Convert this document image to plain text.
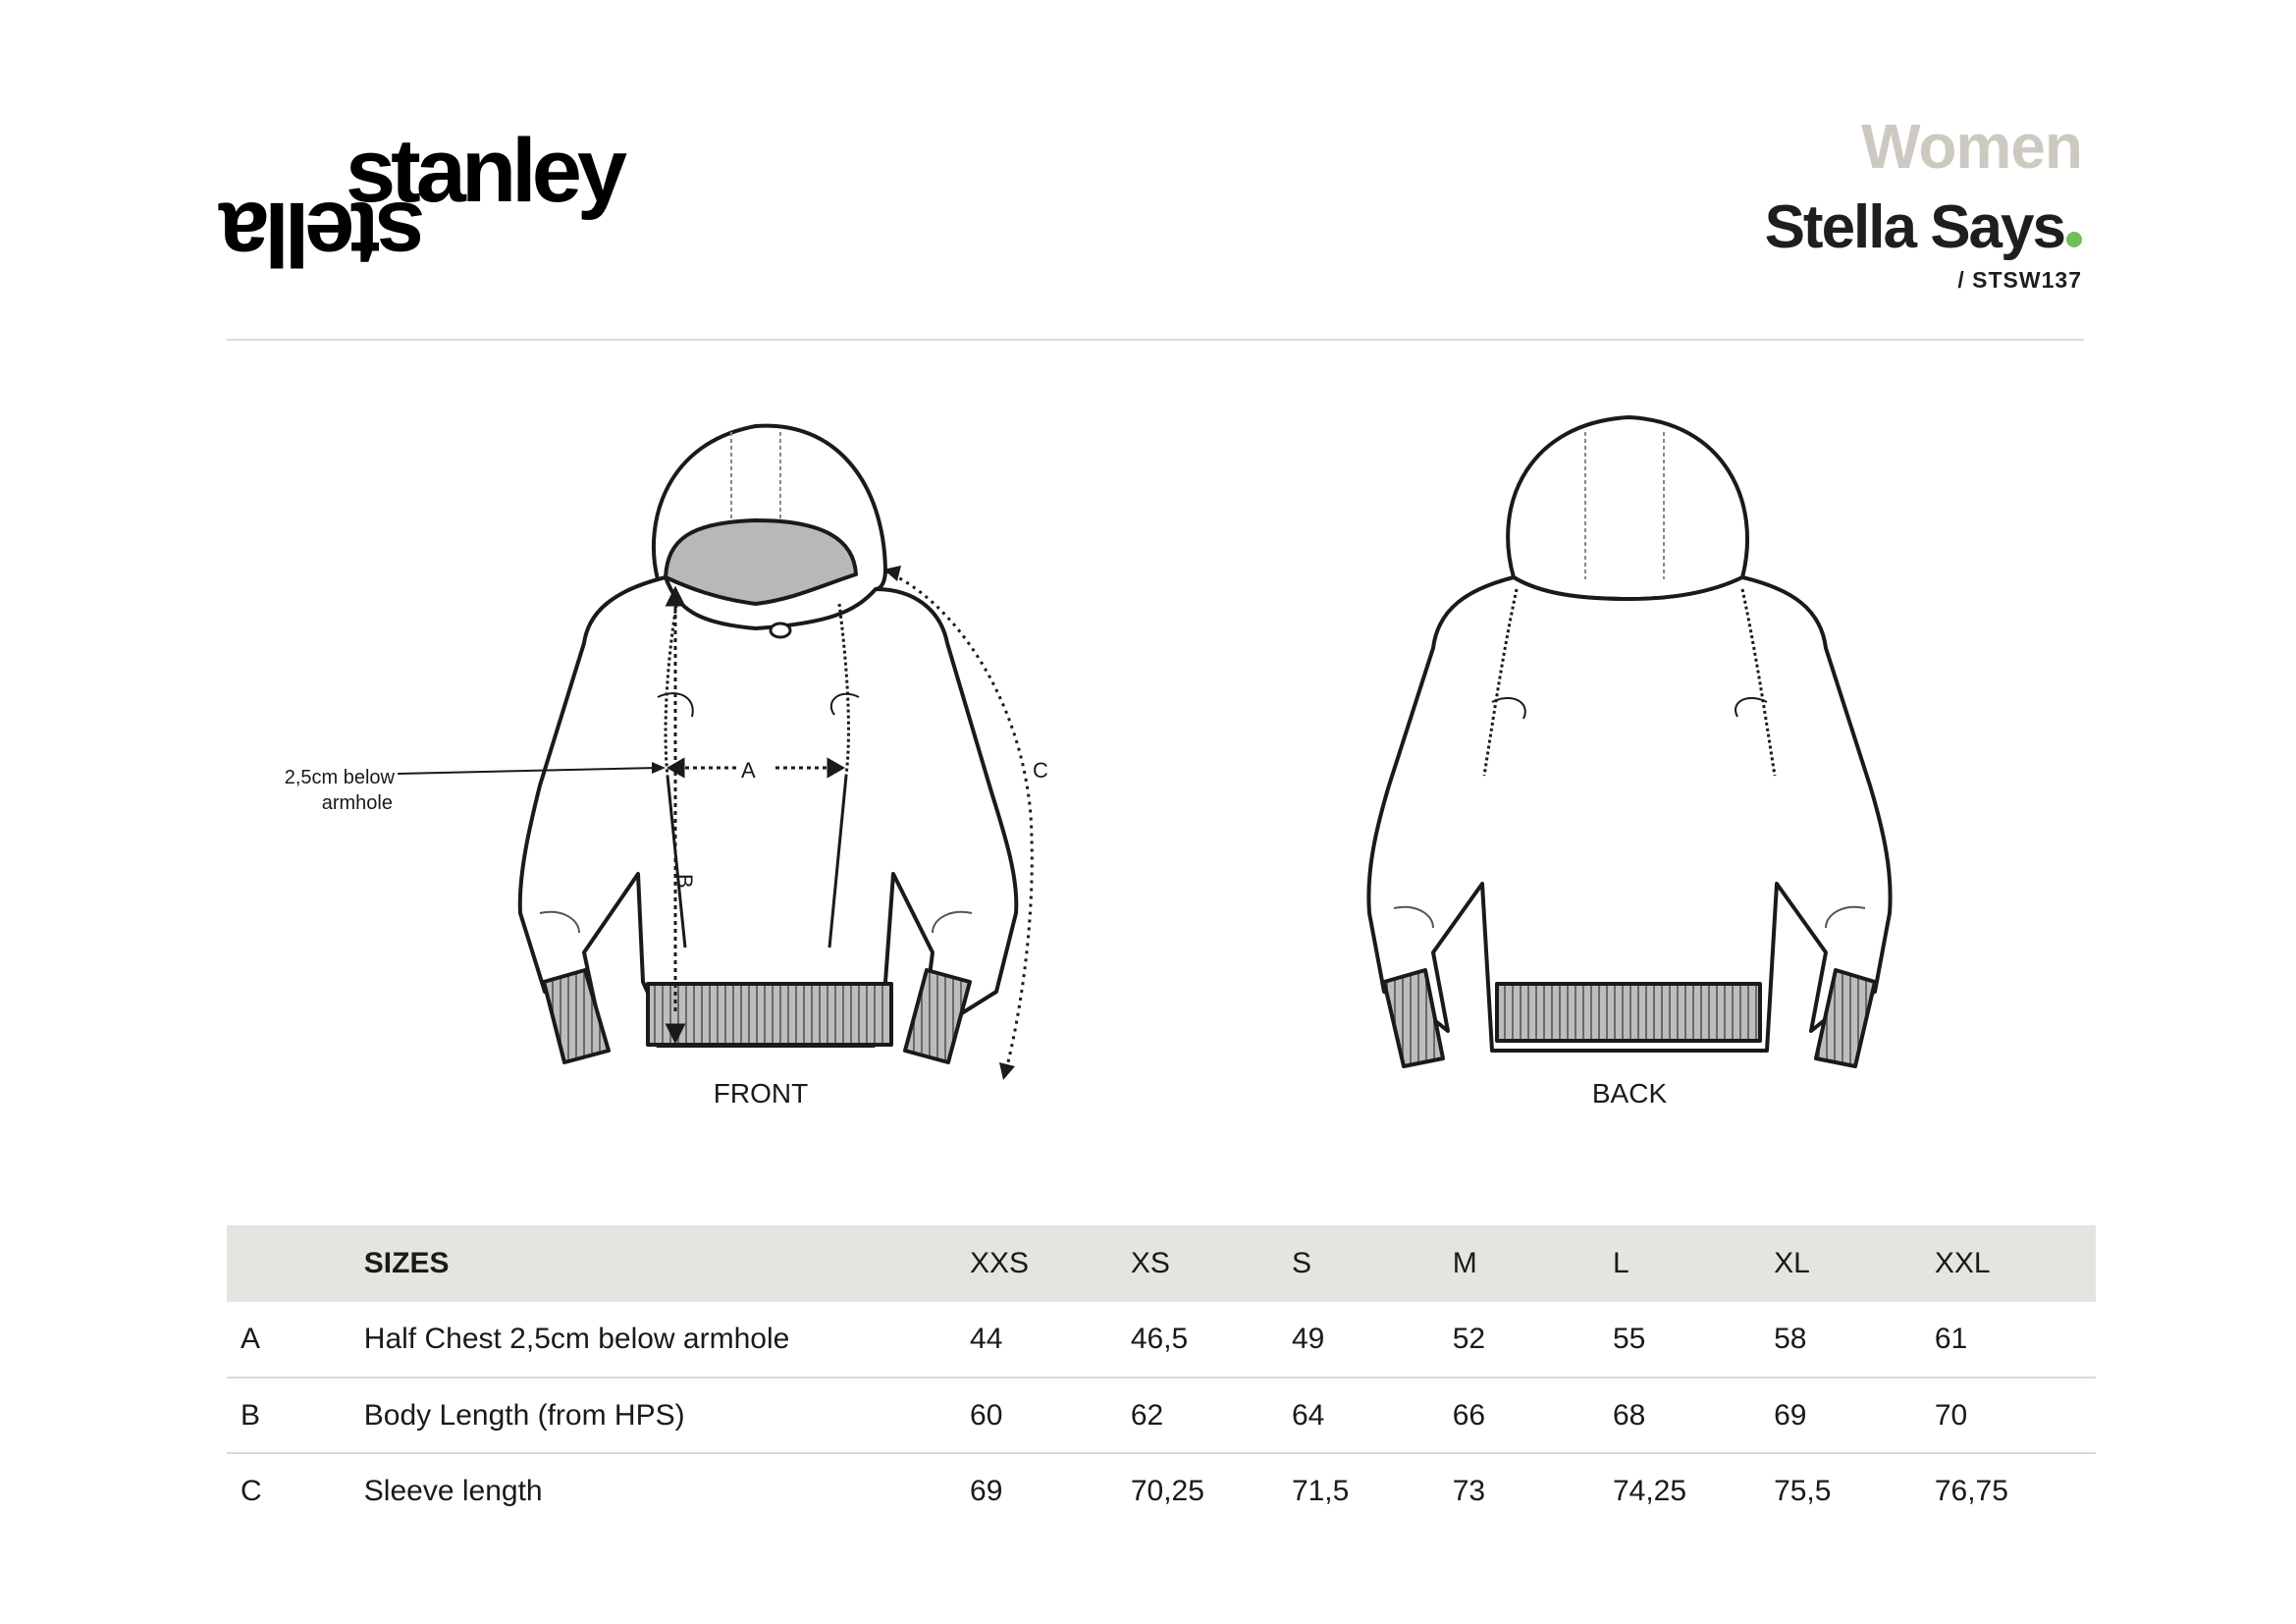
stanley
stella
Women
Stella Says
/ STSW137
A
B
C
2,5cm below
armhole
FRONT	BACK
	SIZES	XXS	XS	S	M	L	XL	XXL
A	Half Chest 2,5cm below armhole	44	46,5	49	52	55	58	61
B	Body Length (from HPS)	60	62	64	66	68	69	70
C	Sleeve length	69	70,25	71,5	73	74,25	75,5	76,75
